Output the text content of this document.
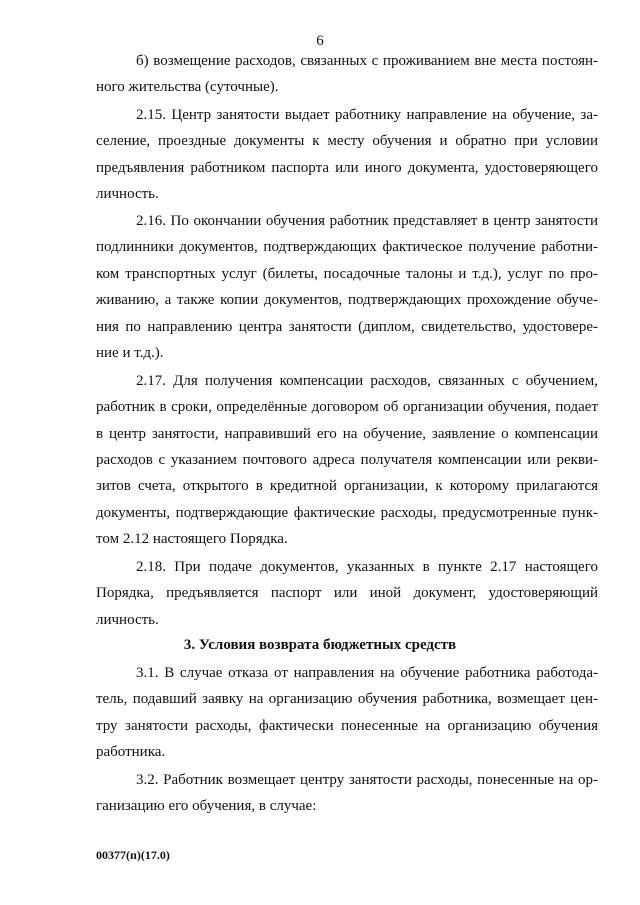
6
б) возмещение расходов, связанных с проживанием вне места постоян-
ного жительства (суточные).
2.15. Центр занятости выдает работнику направление на обучение, за-
селение, проездные документы к месту обучения и обратно при условии
предъявления работником паспорта или иного документа, удостоверяющего
личность.
2.16. По окончании обучения работник представляет в центр занятости
подлинники документов, подтверждающих фактическое получение работни-
ком транспортных услуг (билеты, посадочные талоны и т.д.), услуг по про-
живанию, а также копии документов, подтверждающих прохождение обуче-
ния по направлению центра занятости (диплом, свидетельство, удостовере-
ние и т.д.).
2.17. Для получения компенсации расходов, связанных с обучением,
работник в сроки, определённые договором об организации обучения, подает
в центр занятости, направивший его на обучение, заявление о компенсации
расходов с указанием почтового адреса получателя компенсации или рекви-
зитов счета, открытого в кредитной организации, к которому прилагаются
документы, подтверждающие фактические расходы, предусмотренные пунк-
том 2.12 настоящего Порядка.
2.18. При подаче документов, указанных в пункте 2.17 настоящего
Порядка, предъявляется паспорт или иной документ, удостоверяющий
личность.
3. Условия возврата бюджетных средств
3.1. В случае отказа от направления на обучение работника работода-
тель, подавший заявку на организацию обучения работника, возмещает цен-
тру занятости расходы, фактически понесенные на организацию обучения
работника.
3.2. Работник возмещает центру занятости расходы, понесенные на ор-
ганизацию его обучения, в случае:
00377(п)(17.0)
